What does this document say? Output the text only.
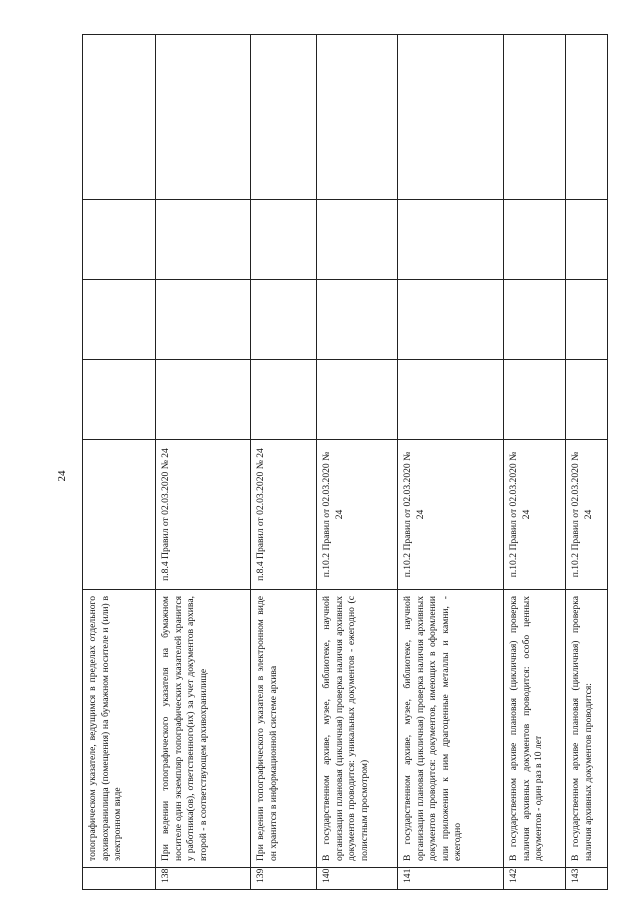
24
	топографическом указателе, ведущимся в пределах отдельного архивохранилища (помещения) на бумажном носителе и (или) в электронном виде					
138	При ведении топографического указателя на бумажном носителе один экземпляр топографических указателей хранится у работника(ов), ответственного(их) за учет документов архива, второй - в соответствующем архивохранилище	п.8.4 Правил от 02.03.2020 № 24				
139	При ведении топографического указателя в электронном виде он хранится в информационной системе архива	п.8.4 Правил от 02.03.2020 № 24				
140	В государственном архиве, музее, библиотеке, научной организации плановая (цикличная) проверка наличия архивных документов проводится: уникальных документов - ежегодно (с полистным просмотром)	п.10.2 Правил от 02.03.2020 № 24				
141	В государственном архиве, музее, библиотеке, научной организации плановая (цикличная) проверка наличия архивных документов проводится: документов, имеющих в оформлении или приложении к ним драгоценные металлы и камни, - ежегодно	п.10.2 Правил от 02.03.2020 № 24				
142	В государственном архиве плановая (цикличная) проверка наличия архивных документов проводится: особо ценных документов - один раз в 10 лет	п.10.2 Правил от 02.03.2020 № 24				
143	В государственном архиве плановая (цикличная) проверка наличия архивных документов проводится:	п.10.2 Правил от 02.03.2020 № 24				
